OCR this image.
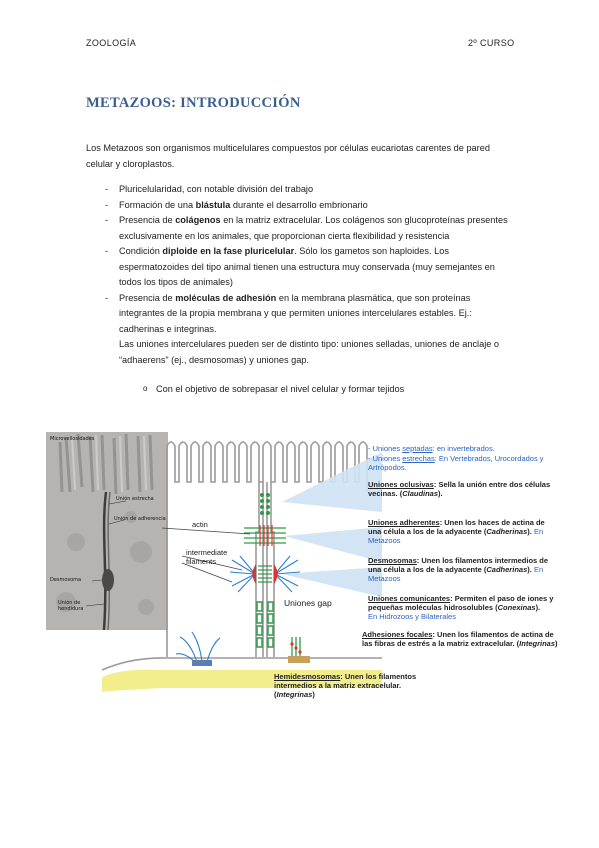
ZOOLOGÍA	2º CURSO
METAZOOS: INTRODUCCIÓN
Los Metazoos son organismos multicelulares compuestos por células eucariotas carentes de pared celular y cloroplastos.
- Pluricelularidad, con notable división del trabajo
- Formación de una blástula durante el desarrollo embrionario
- Presencia de colágenos en la matriz extracelular. Los colágenos son glucoproteínas presentes exclusivamente en los animales, que proporcionan cierta flexibilidad y resistencia
- Condición diploide en la fase pluricelular. Sólo los gametos son haploides. Los espermatozoides del tipo animal tienen una estructura muy conservada (muy semejantes en todos los tipos de animales)
- Presencia de moléculas de adhesión en la membrana plasmática, que son proteínas integrantes de la propia membrana y que permiten uniones intercelulares estables. Ej.: cadherinas e integrinas.
Las uniones intercelulares pueden ser de distinto tipo: uniones selladas, uniones de anclaje o “adhaerens” (ej., desmosomas) y uniones gap.
o Con el objetivo de sobrepasar el nivel celular y formar tejidos
Microvellosidades
Unión estrecha
Unión de adherencia
Desmosoma
Unión de hendidura
actin
intermediate filaments
Uniones gap
- Uniones septadas: en invertebrados.
- Uniones estrechas: En Vertebrados, Urocordados y Artrópodos.
Uniones oclusivas: Sella la unión entre dos células vecinas. (Claudinas).
Uniones adherentes: Unen los haces de actina de una célula a los de la adyacente (Cadherinas). En Metazoos
Desmosomas: Unen los filamentos intermedios de una célula a los de la adyacente (Cadherinas). En Metazoos
Uniones comunicantes: Permiten el paso de iones y pequeñas moléculas hidrosolubles (Conexinas).
En Hidrozoos y Bilaterales
Adhesiones focales: Unen los filamentos de actina de las fibras de estrés a la matriz extracelular. (Integrinas)
Hemidesmosomas: Unen los filamentos intermedios a la matriz extracelular. (Integrinas)
